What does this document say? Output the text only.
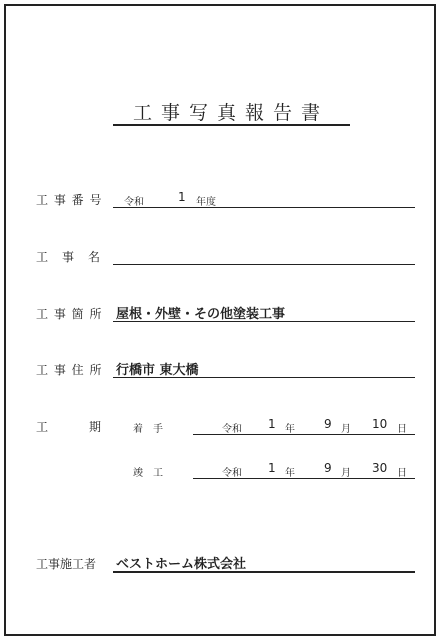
工事写真報告書
工 事 番 号 令和	1 年度
工　事　名
工 事 箇 所 屋根・外壁・その他塗装工事
工 事 住 所 行橋市 東大橋
工	期	着　手	令和 1 年 9 月 10 日
竣　工	令和 1 年 9 月 30 日
工事施工者 ベストホーム株式会社
